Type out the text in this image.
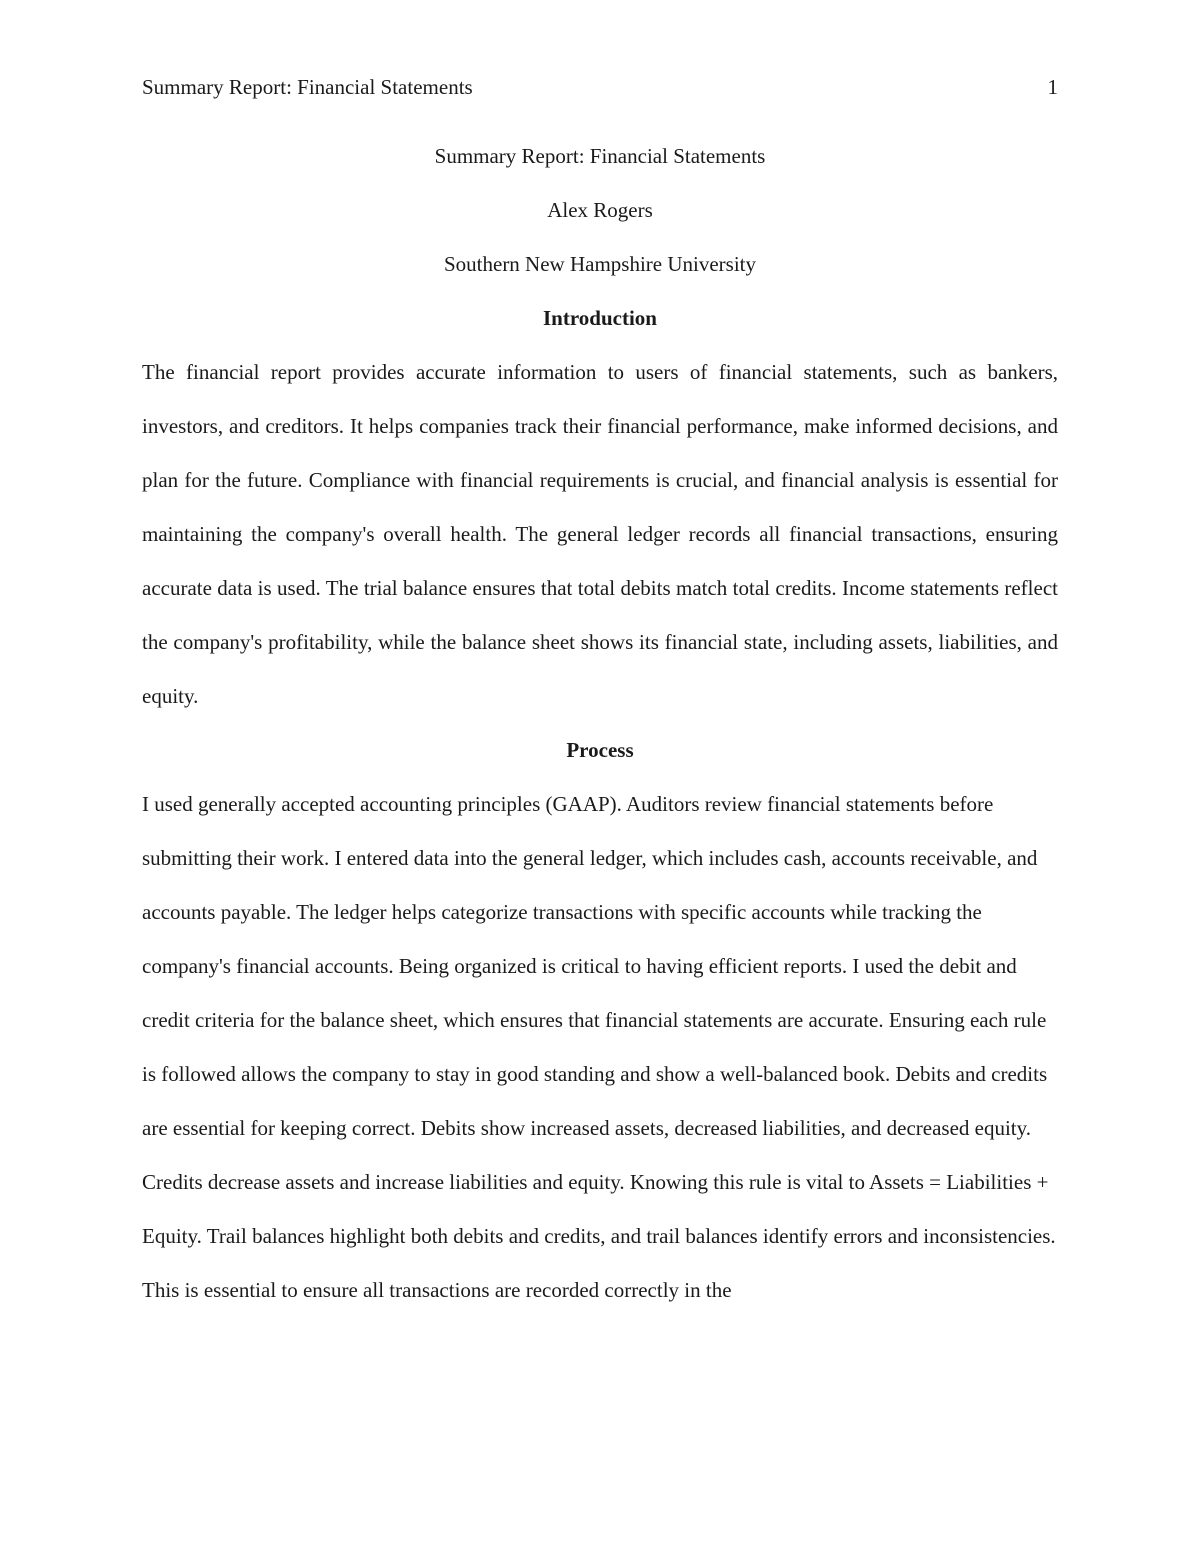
Summary Report: Financial Statements	1

Summary Report: Financial Statements

Alex Rogers

Southern New Hampshire University

Introduction

The financial report provides accurate information to users of financial statements, such as bankers, investors, and creditors. It helps companies track their financial performance, make informed decisions, and plan for the future. Compliance with financial requirements is crucial, and financial analysis is essential for maintaining the company's overall health. The general ledger records all financial transactions, ensuring accurate data is used. The trial balance ensures that total debits match total credits. Income statements reflect the company's profitability, while the balance sheet shows its financial state, including assets, liabilities, and equity.

Process

I used generally accepted accounting principles (GAAP). Auditors review financial statements before submitting their work. I entered data into the general ledger, which includes cash, accounts receivable, and accounts payable. The ledger helps categorize transactions with specific accounts while tracking the company's financial accounts. Being organized is critical to having efficient reports. I used the debit and credit criteria for the balance sheet, which ensures that financial statements are accurate. Ensuring each rule is followed allows the company to stay in good standing and show a well-balanced book. Debits and credits are essential for keeping correct. Debits show increased assets, decreased liabilities, and decreased equity. Credits decrease assets and increase liabilities and equity. Knowing this rule is vital to Assets = Liabilities + Equity. Trail balances highlight both debits and credits, and trail balances identify errors and inconsistencies. This is essential to ensure all transactions are recorded correctly in the
